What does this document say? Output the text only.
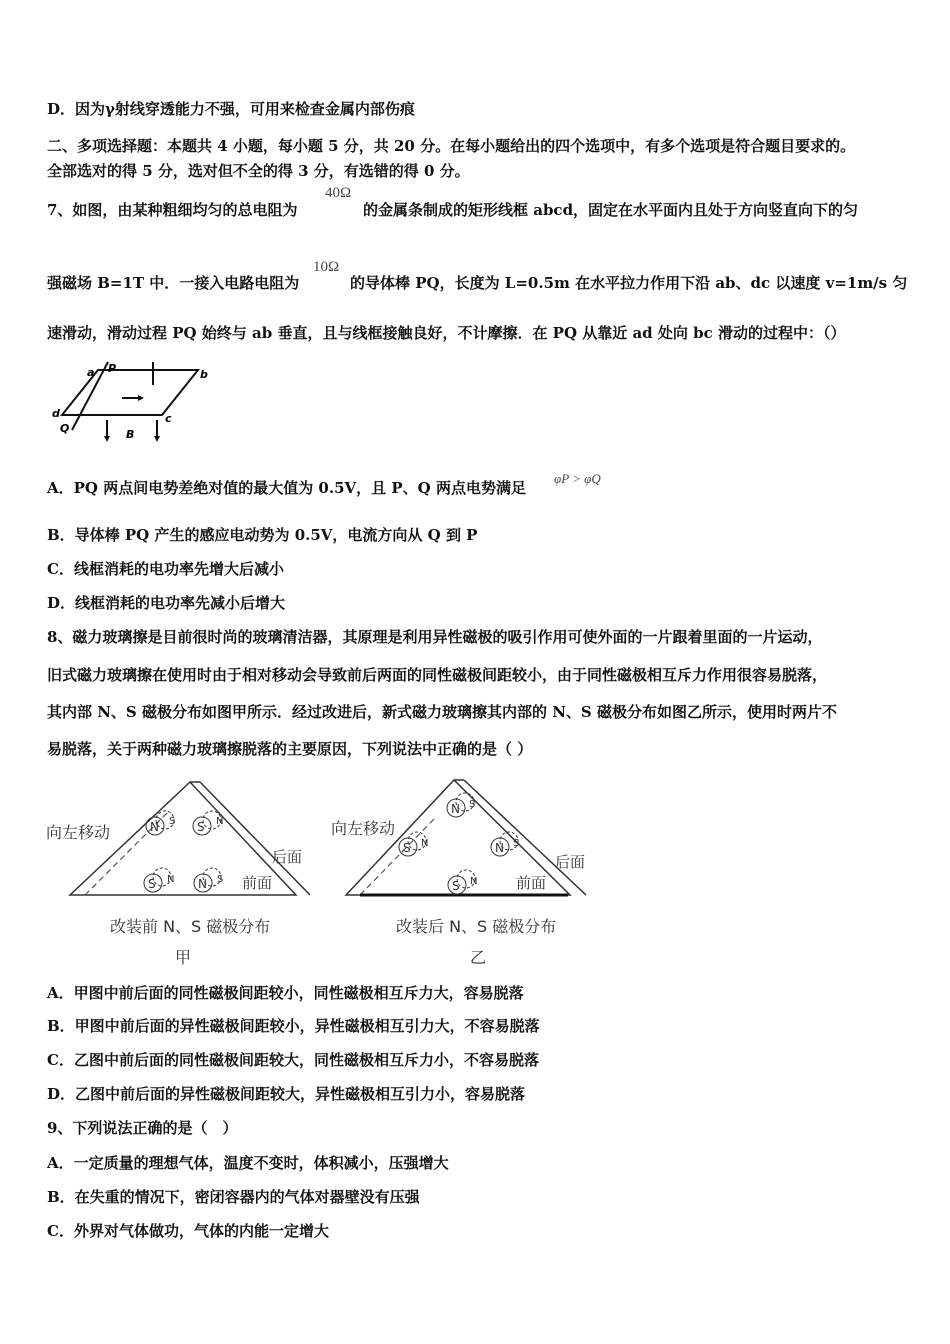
D．因为γ射线穿透能力不强，可用来检查金属内部伤痕
二、多项选择题：本题共 4 小题，每小题 5 分，共 20 分。在每小题给出的四个选项中，有多个选项是符合题目要求的。
全部选对的得 5 分，选对但不全的得 3 分，有选错的得 0 分。
7、如图，由某种粗细均匀的总电阻为
40Ω
的金属条制成的矩形线框 abcd，固定在水平面内且处于方向竖直向下的匀
强磁场 B=1T 中．一接入电路电阻为
10Ω
的导体棒 PQ，长度为 L=0.5m 在水平拉力作用下沿 ab、dc 以速度 v=1m/s 匀
速滑动，滑动过程 PQ 始终与 ab 垂直，且与线框接触良好，不计摩擦．在 PQ 从靠近 ad 处向 bc 滑动的过程中：（）
a P	b
d	c
Q	B
A．PQ 两点间电势差绝对值的最大值为 0.5V，且 P、Q 两点电势满足
φP > φQ
B．导体棒 PQ 产生的感应电动势为 0.5V，电流方向从 Q 到 P
C．线框消耗的电功率先增大后减小
D．线框消耗的电功率先减小后增大
8、磁力玻璃擦是目前很时尚的玻璃清洁器，其原理是利用异性磁极的吸引作用可使外面的一片跟着里面的一片运动，
旧式磁力玻璃擦在使用时由于相对移动会导致前后两面的同性磁极间距较小，由于同性磁极相互斥力作用很容易脱落，
其内部 N、S 磁极分布如图甲所示．经过改进后，新式磁力玻璃擦其内部的 N、S 磁极分布如图乙所示，使用时两片不
易脱落，关于两种磁力玻璃擦脱落的主要原因，下列说法中正确的是（ ）
向左移动
后面
前面
N S S N
S N N S
改装前 N、S 磁极分布
甲
向左移动
后面
前面
N S
S N	N S
S N
改装后 N、S 磁极分布
乙
A．甲图中前后面的同性磁极间距较小，同性磁极相互斥力大，容易脱落
B．甲图中前后面的异性磁极间距较小，异性磁极相互引力大，不容易脱落
C．乙图中前后面的同性磁极间距较大，同性磁极相互斥力小，不容易脱落
D．乙图中前后面的异性磁极间距较大，异性磁极相互引力小，容易脱落
9、下列说法正确的是（　）
A．一定质量的理想气体，温度不变时，体积减小，压强增大
B．在失重的情况下，密闭容器内的气体对器壁没有压强
C．外界对气体做功，气体的内能一定增大
